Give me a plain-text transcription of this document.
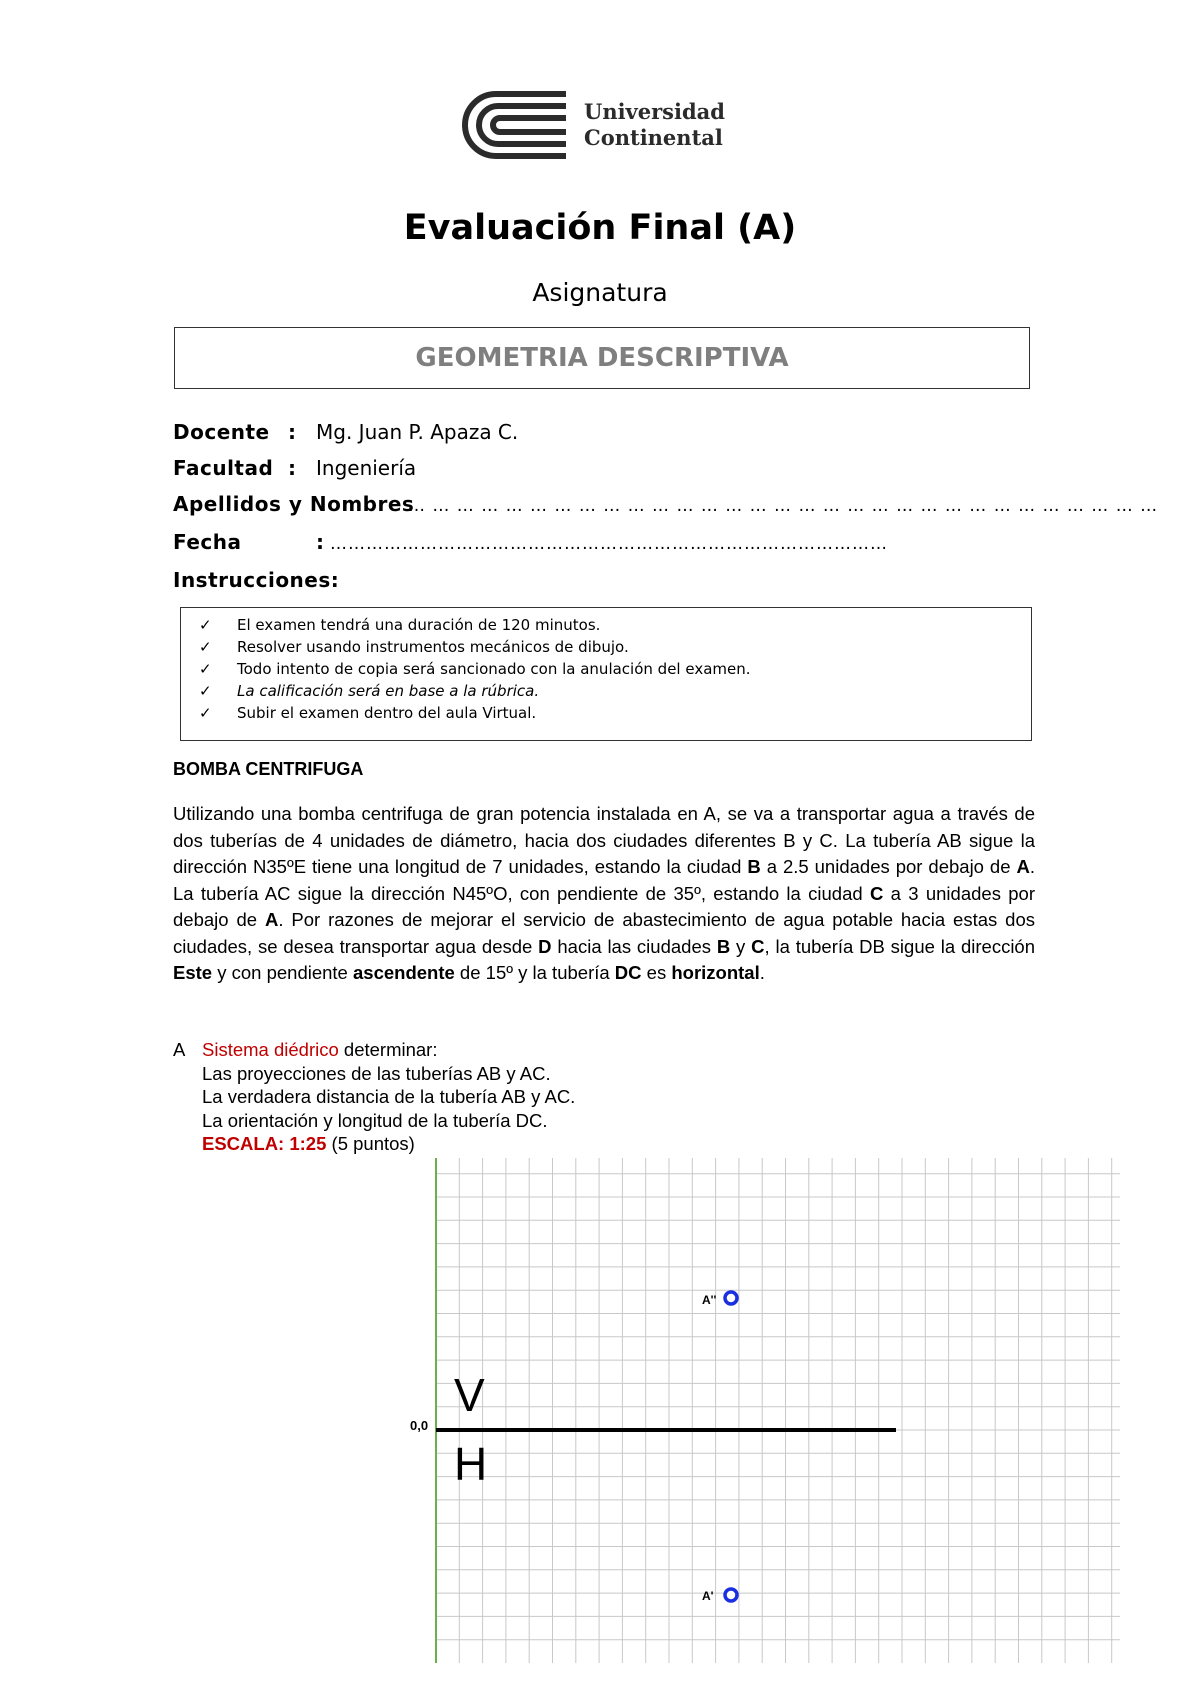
Universidad
Continental
Evaluación Final (A)
Asignatura
GEOMETRIA DESCRIPTIVA
Docente : Mg. Juan P. Apaza C.
Facultad : Ingeniería
Apellidos y Nombres
… … … … … … … … … … … … … … … … … … … … … … … … … … … … … … …
Fecha	: …………………………………………………………………………………
Instrucciones:
✓ El examen tendrá una duración de 120 minutos.
✓ Resolver usando instrumentos mecánicos de dibujo.
✓ Todo intento de copia será sancionado con la anulación del examen.
✓ La calificación será en base a la rúbrica.
✓ Subir el examen dentro del aula Virtual.
BOMBA CENTRIFUGA
Utilizando una bomba centrifuga de gran potencia instalada en A, se va a transportar agua a través de dos tuberías de 4 unidades de diámetro, hacia dos ciudades diferentes B y C. La tubería AB sigue la dirección N35ºE tiene una longitud de 7 unidades, estando la ciudad B a 2.5 unidades por debajo de A. La tubería AC sigue la dirección N45ºO, con pendiente de 35º, estando la ciudad C a 3 unidades por debajo de A. Por razones de mejorar el servicio de abastecimiento de agua potable hacia estas dos ciudades, se desea transportar agua desde D hacia las ciudades B y C, la tubería DB sigue la dirección Este y con pendiente ascendente de 15º y la tubería DC es horizontal.
A Sistema diédrico determinar:
Las proyecciones de las tuberías AB y AC.
La verdadera distancia de la tubería AB y AC.
La orientación y longitud de la tubería DC.
ESCALA: 1:25 (5 puntos)
0,0
V
H
A''
A'
